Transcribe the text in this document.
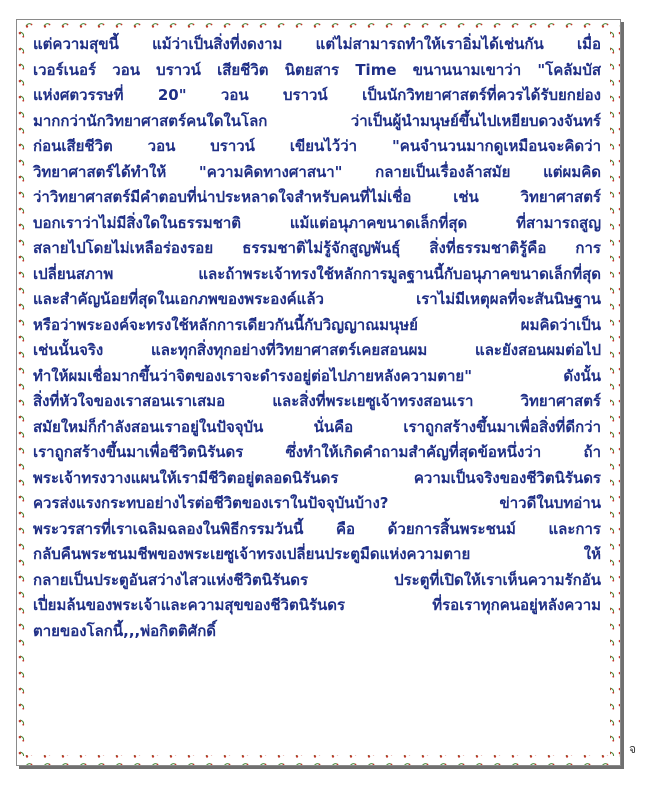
แต่ความสุขนี้ แม้ว่าเป็นสิ่งที่งดงาม แต่ไม่สามารถทำให้เราอิ่มได้เช่นกัน เมื่อ
เวอร์เนอร์ วอน บราวน์ เสียชีวิต นิตยสาร Time ขนานนามเขาว่า "โคลัมบัส
แห่งศตวรรษที่ 20" วอน บราวน์ เป็นนักวิทยาศาสตร์ที่ควรได้รับยกย่อง
มากกว่านักวิทยาศาสตร์คนใดในโลก ว่าเป็นผู้นำมนุษย์ขึ้นไปเหยียบดวงจันทร์
ก่อนเสียชีวิต วอน บราวน์ เขียนไว้ว่า "คนจำนวนมากดูเหมือนจะคิดว่า
วิทยาศาสตร์ได้ทำให้ "ความคิดทางศาสนา" กลายเป็นเรื่องล้าสมัย แต่ผมคิด
ว่าวิทยาศาสตร์มีคำตอบที่น่าประหลาดใจสำหรับคนที่ไม่เชื่อ เช่น วิทยาศาสตร์
บอกเราว่าไม่มีสิ่งใดในธรรมชาติ แม้แต่อนุภาคขนาดเล็กที่สุด ที่สามารถสูญ
สลายไปโดยไม่เหลือร่องรอย ธรรมชาติไม่รู้จักสูญพันธุ์ สิ่งที่ธรรมชาติรู้คือ การ
เปลี่ยนสภาพ และถ้าพระเจ้าทรงใช้หลักการมูลฐานนี้กับอนุภาคขนาดเล็กที่สุด
และสำคัญน้อยที่สุดในเอกภพของพระองค์แล้ว เราไม่มีเหตุผลที่จะสันนิษฐาน
หรือว่าพระองค์จะทรงใช้หลักการเดียวกันนี้กับวิญญาณมนุษย์ ผมคิดว่าเป็น
เช่นนั้นจริง และทุกสิ่งทุกอย่างที่วิทยาศาสตร์เคยสอนผม และยังสอนผมต่อไป
ทำให้ผมเชื่อมากขึ้นว่าจิตของเราจะดำรงอยู่ต่อไปภายหลังความตาย" ดังนั้น
สิ่งที่หัวใจของเราสอนเราเสมอ และสิ่งที่พระเยซูเจ้าทรงสอนเรา วิทยาศาสตร์
สมัยใหม่ก็กำลังสอนเราอยู่ในปัจจุบัน นั่นคือ เราถูกสร้างขึ้นมาเพื่อสิ่งที่ดีกว่า
เราถูกสร้างขึ้นมาเพื่อชีวิตนิรันดร ซึ่งทำให้เกิดคำถามสำคัญที่สุดข้อหนึ่งว่า ถ้า
พระเจ้าทรงวางแผนให้เรามีชีวิตอยู่ตลอดนิรันดร ความเป็นจริงของชีวิตนิรันดร
ควรส่งแรงกระทบอย่างไรต่อชีวิตของเราในปัจจุบันบ้าง? ข่าวดีในบทอ่าน
พระวรสารที่เราเฉลิมฉลองในพิธีกรรมวันนี้ คือ ด้วยการสิ้นพระชนม์ และการ
กลับคืนพระชนมชีพของพระเยซูเจ้าทรงเปลี่ยนประตูมืดแห่งความตาย ให้
กลายเป็นประตูอันสว่างไสวแห่งชีวิตนิรันดร ประตูที่เปิดให้เราเห็นความรักอัน
เปี่ยมล้นของพระเจ้าและความสุขของชีวิตนิรันดร ที่รอเราทุกคนอยู่หลังความ
ตายของโลกนี้,,,พ่อกิตติศักดิ์
จ
